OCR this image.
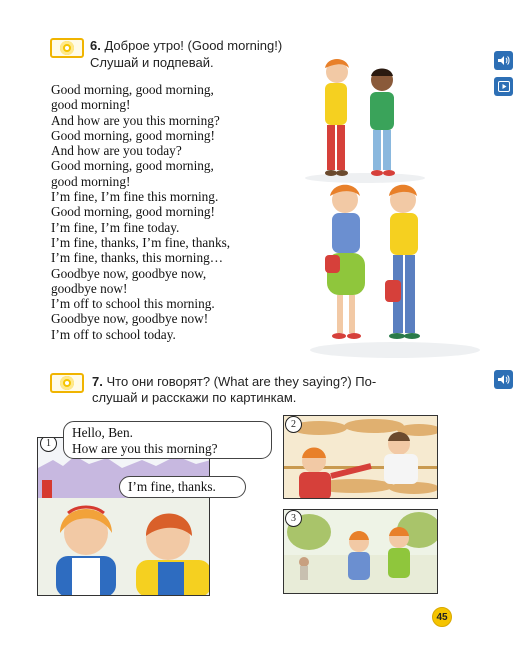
6. Доброе утро! (Good morning!)
Слушай и подпевай.
Good morning, good morning,
good morning!
And how are you this morning?
Good morning, good morning!
And how are you today?
Good morning, good morning,
good morning!
I’m fine, I’m fine this morning.
Good morning, good morning!
I’m fine, I’m fine today.
I’m fine, thanks, I’m fine, thanks,
I’m fine, thanks, this morning…
Goodbye now, goodbye now,
goodbye now!
I’m off to school this morning.
Goodbye now, goodbye now!
I’m off to school today.
7. Что они говорят? (What are they saying?) По-
слушай и расскажи по картинкам.
1
Hello, Ben.
How are you this morning?
I’m fine, thanks.
2
3
45
